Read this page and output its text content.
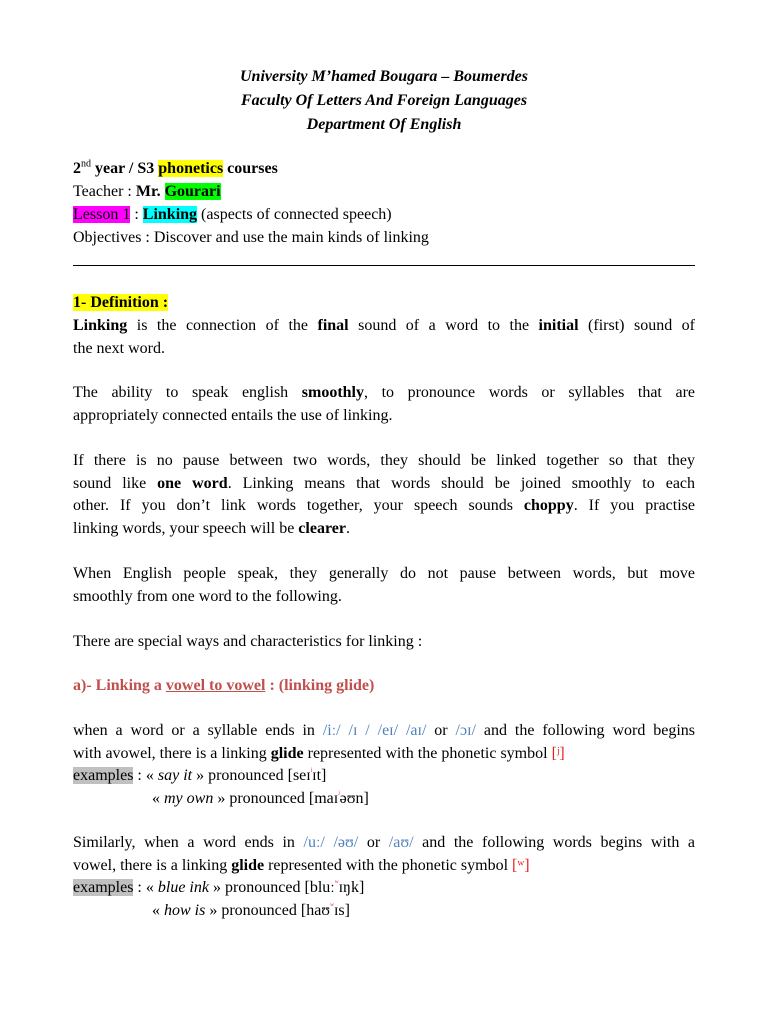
University M’hamed Bougara – Boumerdes
Faculty Of Letters And Foreign Languages
Department Of English
2nd year / S3 phonetics courses
Teacher : Mr. Gourari
Lesson 1 : Linking (aspects of connected speech)
Objectives : Discover and use the main kinds of linking
1- Definition :
Linking is the connection of the final sound of a word to the initial (first) sound of
the next word.
The ability to speak english smoothly, to pronounce words or syllables that are
appropriately connected entails the use of linking.
If there is no pause between two words, they should be linked together so that they
sound like one word. Linking means that words should be joined smoothly to each
other. If you don’t link words together, your speech sounds choppy. If you practise
linking words, your speech will be clearer.
When English people speak, they generally do not pause between words, but move
smoothly from one word to the following.
There are special ways and characteristics for linking :
a)- Linking a vowel to vowel : (linking glide)
when a word or a syllable ends in /iː/ /ɪ / /eɪ/ /aɪ/ or /ɔɪ/ and the following word begins
with avowel, there is a linking glide represented with the phonetic symbol [ʲ]
examples : « say it » pronounced [seɪ$^ʲ$ɪt]
« my own » pronounced [maɪ$^ʲ$əʊn]
Similarly, when a word ends in /uː/ /əʊ/ or /aʊ/ and the following words begins with a
vowel, there is a linking glide represented with the phonetic symbol [ʷ]
examples : « blue ink » pronounced [bluː$^ʷ$ɪŋk]
« how is » pronounced [haʊ$^ʷ$ɪs]
